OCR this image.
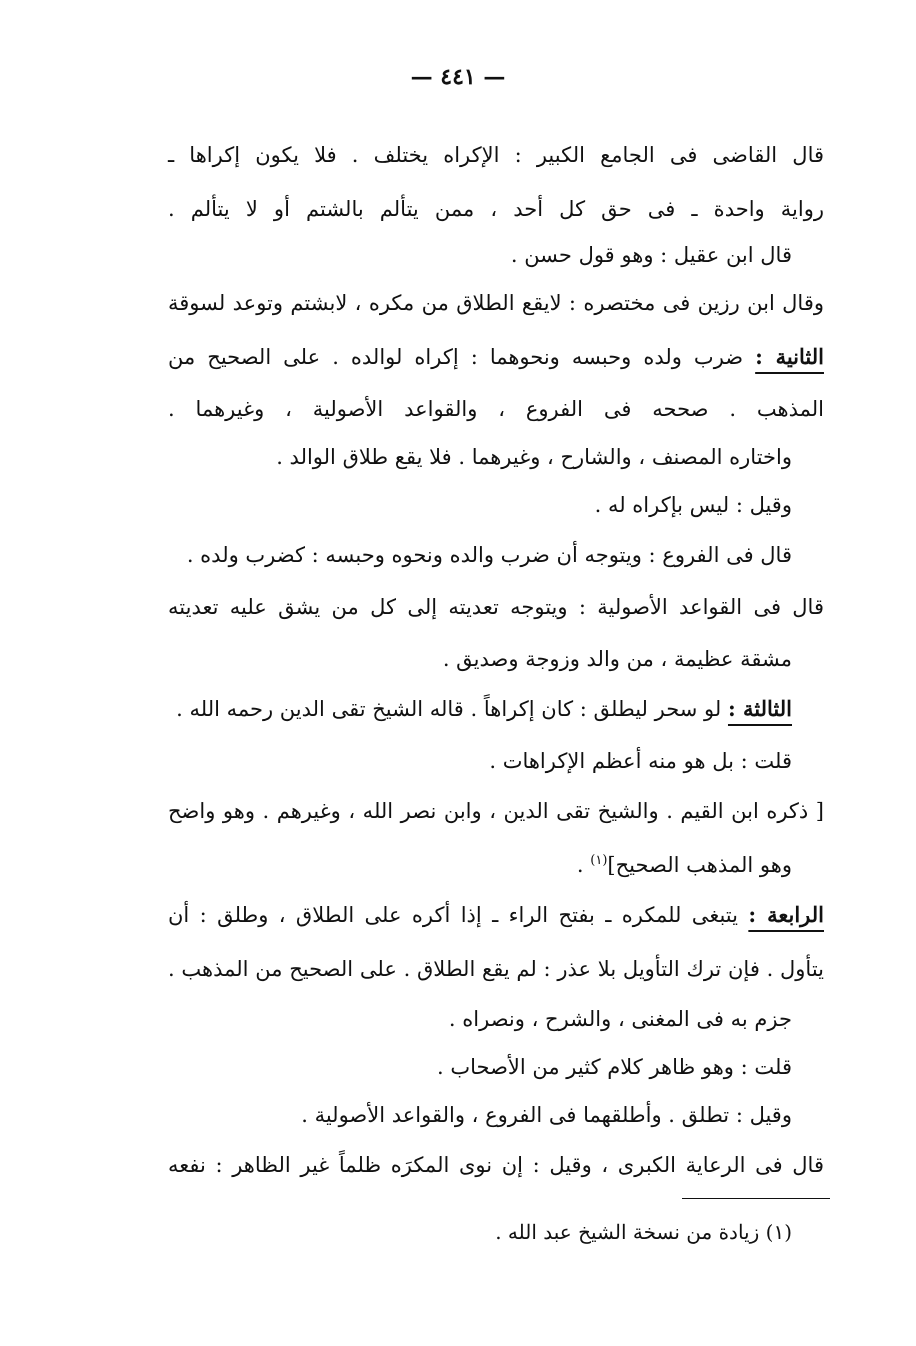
— ٤٤١ —
قال القاضى فى الجامع الكبير : الإكراه يختلف . فلا يكون إكراها ـ
رواية واحدة ـ فى حق كل أحد ، ممن يتألم بالشتم أو لا يتألم .
قال ابن عقيل : وهو قول حسن .
وقال ابن رزين فى مختصره : لايقع الطلاق من مكره ، لابشتم وتوعد لسوقة
الثانية : ضرب ولده وحبسه ونحوهما : إكراه لوالده . على الصحيح من
المذهب . صححه فى الفروع ، والقواعد الأصولية ، وغيرهما .
واختاره المصنف ، والشارح ، وغيرهما . فلا يقع طلاق الوالد .
وقيل : ليس بإكراه له .
قال فى الفروع : ويتوجه أن ضرب والده ونحوه وحبسه : كضرب ولده .
قال فى القواعد الأصولية : ويتوجه تعديته إلى كل من يشق عليه تعديته
مشقة عظيمة ، من والد وزوجة وصديق .
الثالثة : لو سحر ليطلق : كان إكراهاً . قاله الشيخ تقى الدين رحمه الله .
قلت : بل هو منه أعظم الإكراهات .
[ ذكره ابن القيم . والشيخ تقى الدين ، وابن نصر الله ، وغيرهم . وهو واضح
وهو المذهب الصحيح]$^{(١)}$ .
الرابعة : يتبغى للمكره ـ بفتح الراء ـ إذا أكره على الطلاق ، وطلق : أن
يتأول . فإن ترك التأويل بلا عذر : لم يقع الطلاق . على الصحيح من المذهب .
جزم به فى المغنى ، والشرح ، ونصراه .
قلت : وهو ظاهر كلام كثير من الأصحاب .
وقيل : تطلق . وأطلقهما فى الفروع ، والقواعد الأصولية .
قال فى الرعاية الكبرى ، وقيل : إن نوى المكرَه ظلماً غير الظاهر : نفعه
(١) زيادة من نسخة الشيخ عبد الله .
